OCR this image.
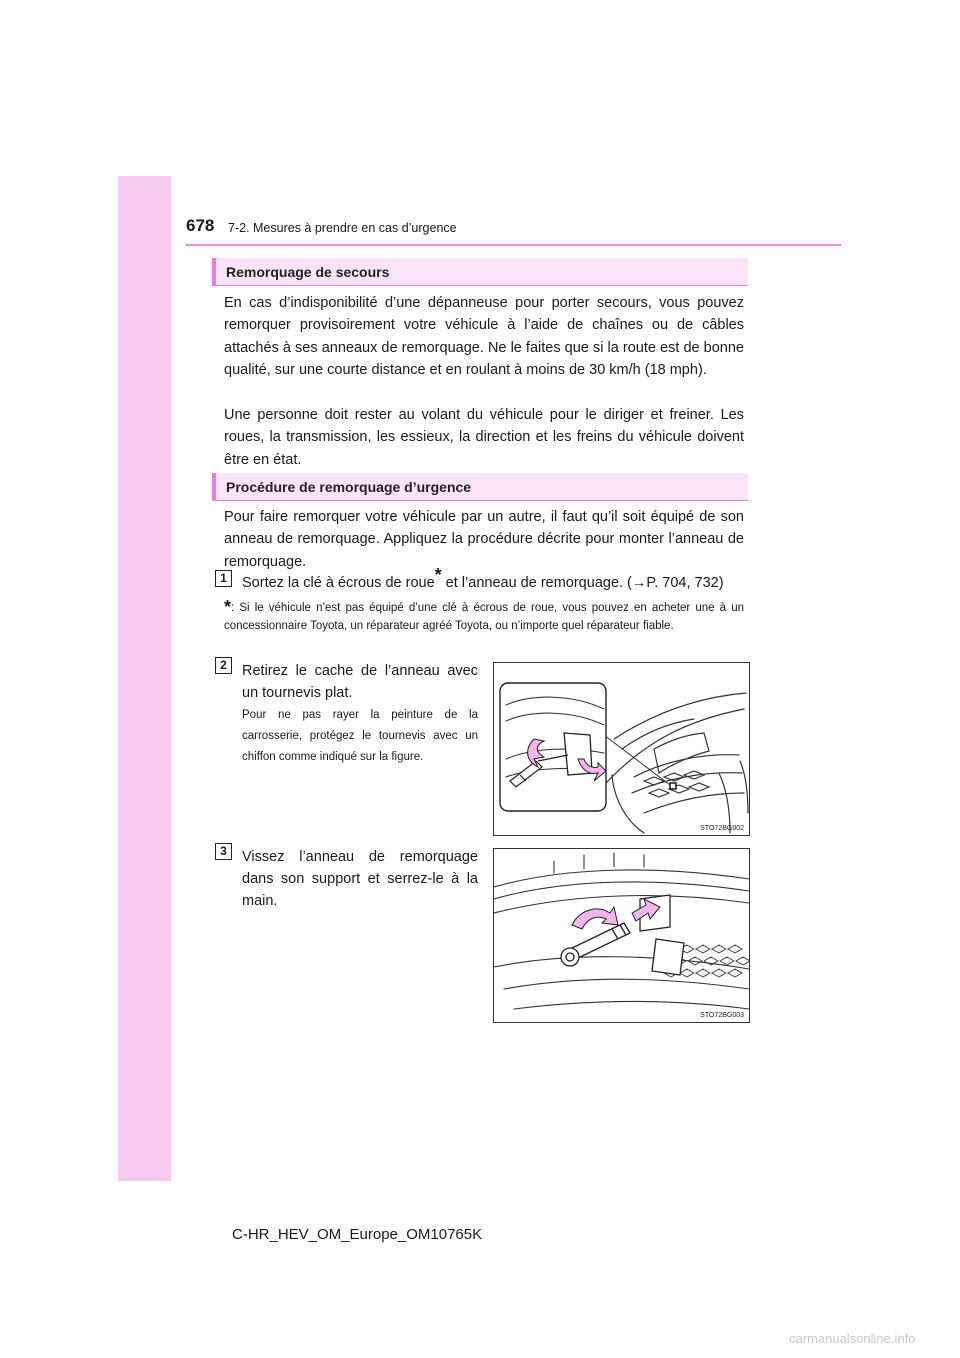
678 7-2. Mesures à prendre en cas d’urgence
Remorquage de secours
En cas d’indisponibilité d’une dépanneuse pour porter secours, vous pouvez remorquer provisoirement votre véhicule à l’aide de chaînes ou de câbles attachés à ses anneaux de remorquage. Ne le faites que si la route est de bonne qualité, sur une courte distance et en roulant à moins de 30 km/h (18 mph).
Une personne doit rester au volant du véhicule pour le diriger et freiner. Les roues, la transmission, les essieux, la direction et les freins du véhicule doivent être en état.
Procédure de remorquage d’urgence
Pour faire remorquer votre véhicule par un autre, il faut qu’il soit équipé de son anneau de remorquage. Appliquez la procédure décrite pour monter l’anneau de remorquage.
1	Sortez la clé à écrous de roue* et l’anneau de remorquage. (→P. 704, 732)
*: Si le véhicule n’est pas équipé d’une clé à écrous de roue, vous pouvez en acheter une à un concessionnaire Toyota, un réparateur agréé Toyota, ou n’importe quel réparateur fiable.
2	Retirez le cache de l’anneau avec un tournevis plat.
Pour ne pas rayer la peinture de la carrosserie, protégez le tournevis avec un chiffon comme indiqué sur la figure.
STO72BG002
3	Vissez l’anneau de remorquage dans son support et serrez-le à la main.
STO72BG003
C-HR_HEV_OM_Europe_OM10765K
carmanualsonline.info
